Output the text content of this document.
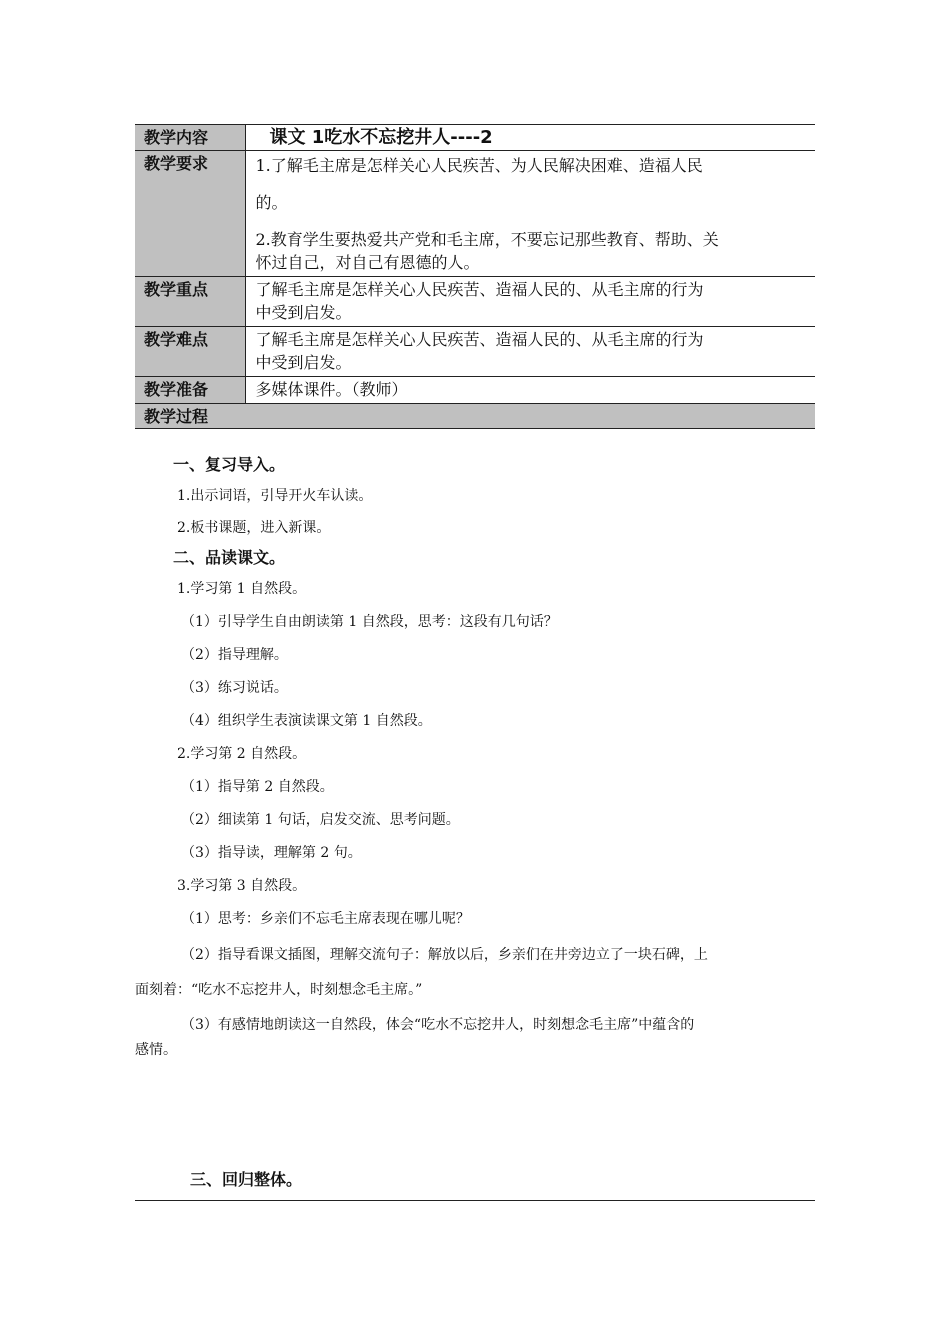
教学内容	课文 1吃水不忘挖井人----2
教学要求	1.了解毛主席是怎样关心人民疾苦、为人民解决困难、造福人民
的。
2.教育学生要热爱共产党和毛主席，不要忘记那些教育、帮助、关
怀过自己，对自己有恩德的人。

教学重点	了解毛主席是怎样关心人民疾苦、造福人民的、从毛主席的行为
中受到启发。

教学难点	了解毛主席是怎样关心人民疾苦、造福人民的、从毛主席的行为
中受到启发。

教学准备	多媒体课件。（教师）
教学过程	

一、复习导入。

1.出示词语，引导开火车认读。

2.板书课题，进入新课。

二、品读课文。

1.学习第 1 自然段。

（1）引导学生自由朗读第 1 自然段，思考：这段有几句话？

（2）指导理解。

（3）练习说话。

（4）组织学生表演读课文第 1 自然段。

2.学习第 2 自然段。

（1）指导第 2 自然段。

（2）细读第 1 句话，启发交流、思考问题。

（3）指导读，理解第 2 句。

3.学习第 3 自然段。

（1）思考：乡亲们不忘毛主席表现在哪儿呢？

（2）指导看课文插图，理解交流句子：解放以后，乡亲们在井旁边立了一块石碑，上

面刻着：“吃水不忘挖井人，时刻想念毛主席。”

（3）有感情地朗读这一自然段，体会“吃水不忘挖井人，时刻想念毛主席”中蕴含的

感情。

三、回归整体。
